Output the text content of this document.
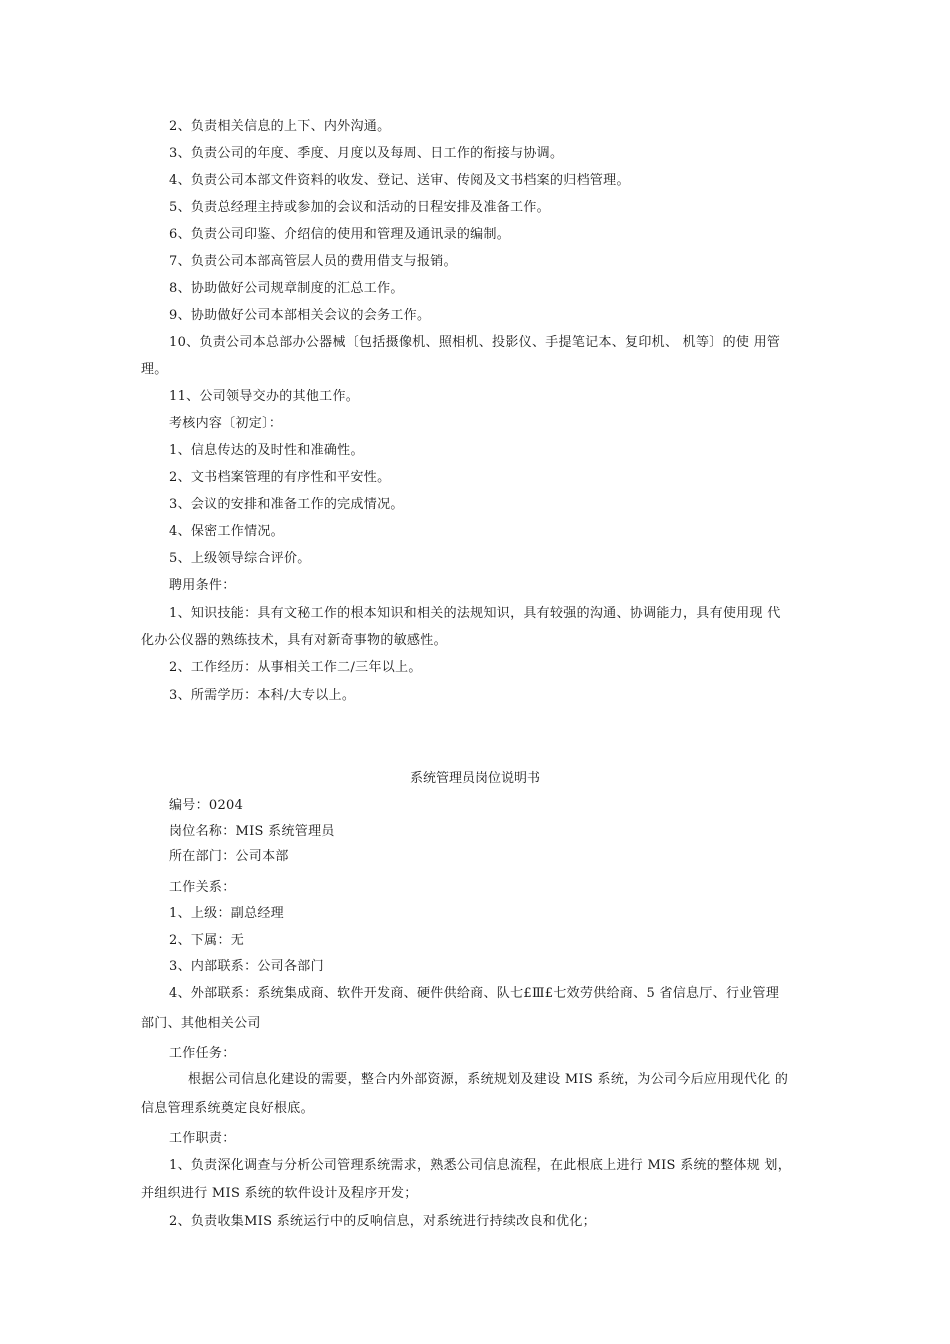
2、负责相关信息的上下、内外沟通。
3、负责公司的年度、季度、月度以及每周、日工作的衔接与协调。
4、负责公司本部文件资料的收发、登记、送审、传阅及文书档案的归档管理。
5、负责总经理主持或参加的会议和活动的日程安排及准备工作。
6、负责公司印鉴、介绍信的使用和管理及通讯录的编制。
7、负责公司本部高管层人员的费用借支与报销。
8、协助做好公司规章制度的汇总工作。
9、协助做好公司本部相关会议的会务工作。
10、负责公司本总部办公器械〔包括摄像机、照相机、投影仪、手提笔记本、复印机、 机等〕的使 用管
理。
11、公司领导交办的其他工作。
考核内容〔初定〕：
1、信息传达的及时性和准确性。
2、文书档案管理的有序性和平安性。
3、会议的安排和准备工作的完成情况。
4、保密工作情况。
5、上级领导综合评价。
聘用条件：
1、知识技能：具有文秘工作的根本知识和相关的法规知识，具有较强的沟通、协调能力，具有使用现 代
化办公仪器的熟练技术，具有对新奇事物的敏感性。
2、工作经历：从事相关工作二/三年以上。
3、所需学历：本科/大专以上。
系统管理员岗位说明书
编号：0204
岗位名称：MIS 系统管理员
所在部门：公司本部
工作关系：
1、上级：副总经理
2、下属：无
3、内部联系：公司各部门
4、外部联系：系统集成商、软件开发商、硬件供给商、队七£Ⅲ£七效劳供给商、5 省信息厅、行业管理
部门、其他相关公司
工作任务：
根据公司信息化建设的需要，整合内外部资源，系统规划及建设 MIS 系统，为公司今后应用现代化 的
信息管理系统奠定良好根底。
工作职责：
1、负责深化调查与分析公司管理系统需求，熟悉公司信息流程，在此根底上进行 MIS 系统的整体规 划，
并组织进行 MIS 系统的软件设计及程序开发；
2、负责收集MIS 系统运行中的反响信息，对系统进行持续改良和优化；
